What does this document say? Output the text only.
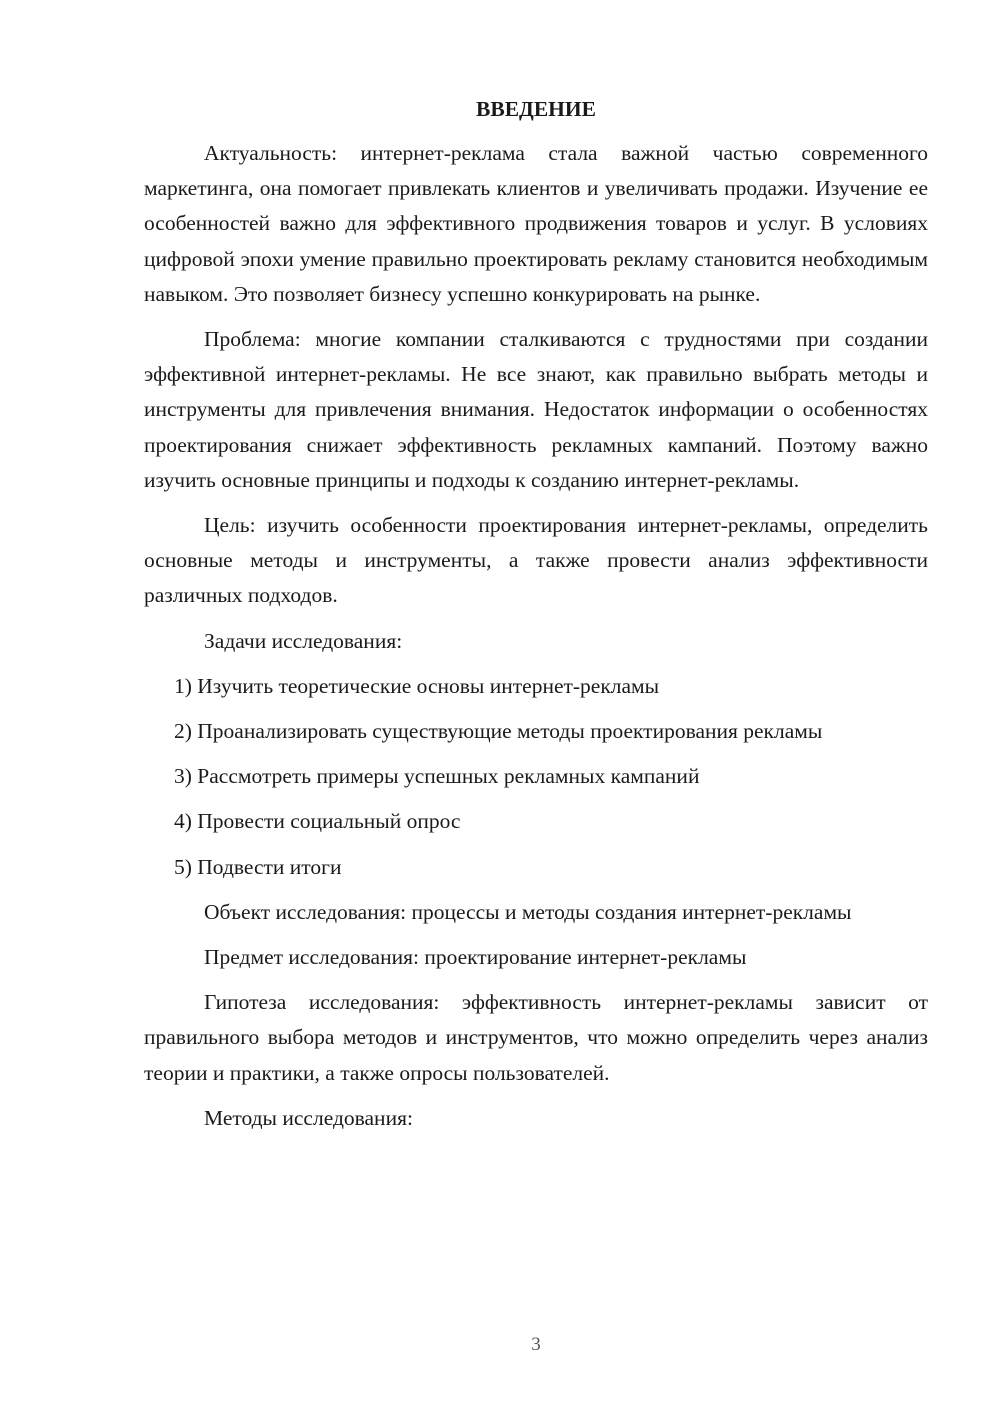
ВВЕДЕНИЕ

Актуальность: интернет-реклама стала важной частью современного маркетинга, она помогает привлекать клиентов и увеличивать продажи. Изучение ее особенностей важно для эффективного продвижения товаров и услуг. В условиях цифровой эпохи умение правильно проектировать рекламу становится необходимым навыком. Это позволяет бизнесу успешно конкурировать на рынке.

Проблема: многие компании сталкиваются с трудностями при создании эффективной интернет-рекламы. Не все знают, как правильно выбрать методы и инструменты для привлечения внимания. Недостаток информации о особенностях проектирования снижает эффективность рекламных кампаний. Поэтому важно изучить основные принципы и подходы к созданию интернет-рекламы.

Цель: изучить особенности проектирования интернет-рекламы, определить основные методы и инструменты, а также провести анализ эффективности различных подходов.

Задачи исследования:

1) Изучить теоретические основы интернет-рекламы

2) Проанализировать существующие методы проектирования рекламы

3) Рассмотреть примеры успешных рекламных кампаний

4) Провести социальный опрос

5) Подвести итоги

Объект исследования: процессы и методы создания интернет-рекламы

Предмет исследования: проектирование интернет-рекламы

Гипотеза исследования: эффективность интернет-рекламы зависит от правильного выбора методов и инструментов, что можно определить через анализ теории и практики, а также опросы пользователей.

Методы исследования:

3
